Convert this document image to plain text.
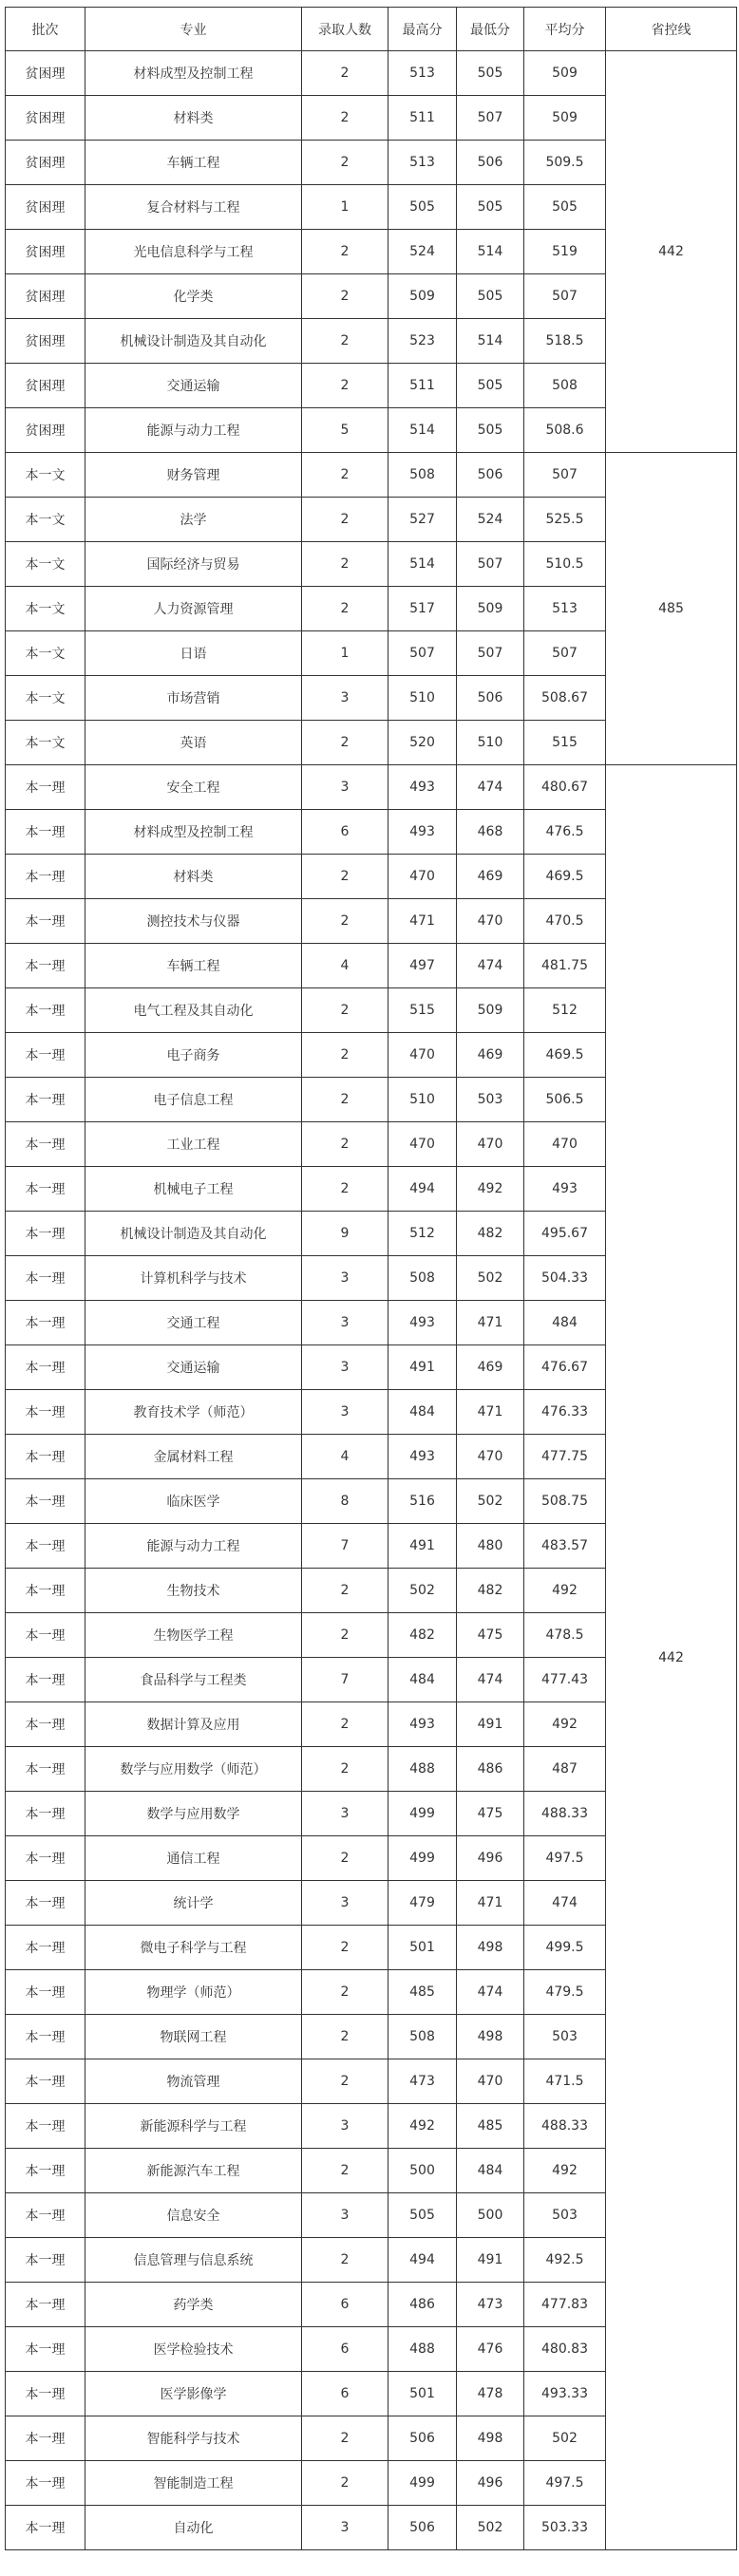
批次	专业	录取人数	最高分	最低分	平均分	省控线
贫困理	材料成型及控制工程	2	513	505	509	442
贫困理	材料类	2	511	507	509	
贫困理	车辆工程	2	513	506	509.5	
贫困理	复合材料与工程	1	505	505	505	
贫困理	光电信息科学与工程	2	524	514	519	
贫困理	化学类	2	509	505	507	
贫困理	机械设计制造及其自动化	2	523	514	518.5	
贫困理	交通运输	2	511	505	508	
贫困理	能源与动力工程	5	514	505	508.6	
本一文	财务管理	2	508	506	507	485
本一文	法学	2	527	524	525.5	
本一文	国际经济与贸易	2	514	507	510.5	
本一文	人力资源管理	2	517	509	513	
本一文	日语	1	507	507	507	
本一文	市场营销	3	510	506	508.67	
本一文	英语	2	520	510	515	
本一理	安全工程	3	493	474	480.67	442
本一理	材料成型及控制工程	6	493	468	476.5	
本一理	材料类	2	470	469	469.5	
本一理	测控技术与仪器	2	471	470	470.5	
本一理	车辆工程	4	497	474	481.75	
本一理	电气工程及其自动化	2	515	509	512	
本一理	电子商务	2	470	469	469.5	
本一理	电子信息工程	2	510	503	506.5	
本一理	工业工程	2	470	470	470	
本一理	机械电子工程	2	494	492	493	
本一理	机械设计制造及其自动化	9	512	482	495.67	
本一理	计算机科学与技术	3	508	502	504.33	
本一理	交通工程	3	493	471	484	
本一理	交通运输	3	491	469	476.67	
本一理	教育技术学（师范）	3	484	471	476.33	
本一理	金属材料工程	4	493	470	477.75	
本一理	临床医学	8	516	502	508.75	
本一理	能源与动力工程	7	491	480	483.57	
本一理	生物技术	2	502	482	492	
本一理	生物医学工程	2	482	475	478.5	
本一理	食品科学与工程类	7	484	474	477.43	
本一理	数据计算及应用	2	493	491	492	
本一理	数学与应用数学（师范）	2	488	486	487	
本一理	数学与应用数学	3	499	475	488.33	
本一理	通信工程	2	499	496	497.5	
本一理	统计学	3	479	471	474	
本一理	微电子科学与工程	2	501	498	499.5	
本一理	物理学（师范）	2	485	474	479.5	
本一理	物联网工程	2	508	498	503	
本一理	物流管理	2	473	470	471.5	
本一理	新能源科学与工程	3	492	485	488.33	
本一理	新能源汽车工程	2	500	484	492	
本一理	信息安全	3	505	500	503	
本一理	信息管理与信息系统	2	494	491	492.5	
本一理	药学类	6	486	473	477.83	
本一理	医学检验技术	6	488	476	480.83	
本一理	医学影像学	6	501	478	493.33	
本一理	智能科学与技术	2	506	498	502	
本一理	智能制造工程	2	499	496	497.5	
本一理	自动化	3	506	502	503.33	
